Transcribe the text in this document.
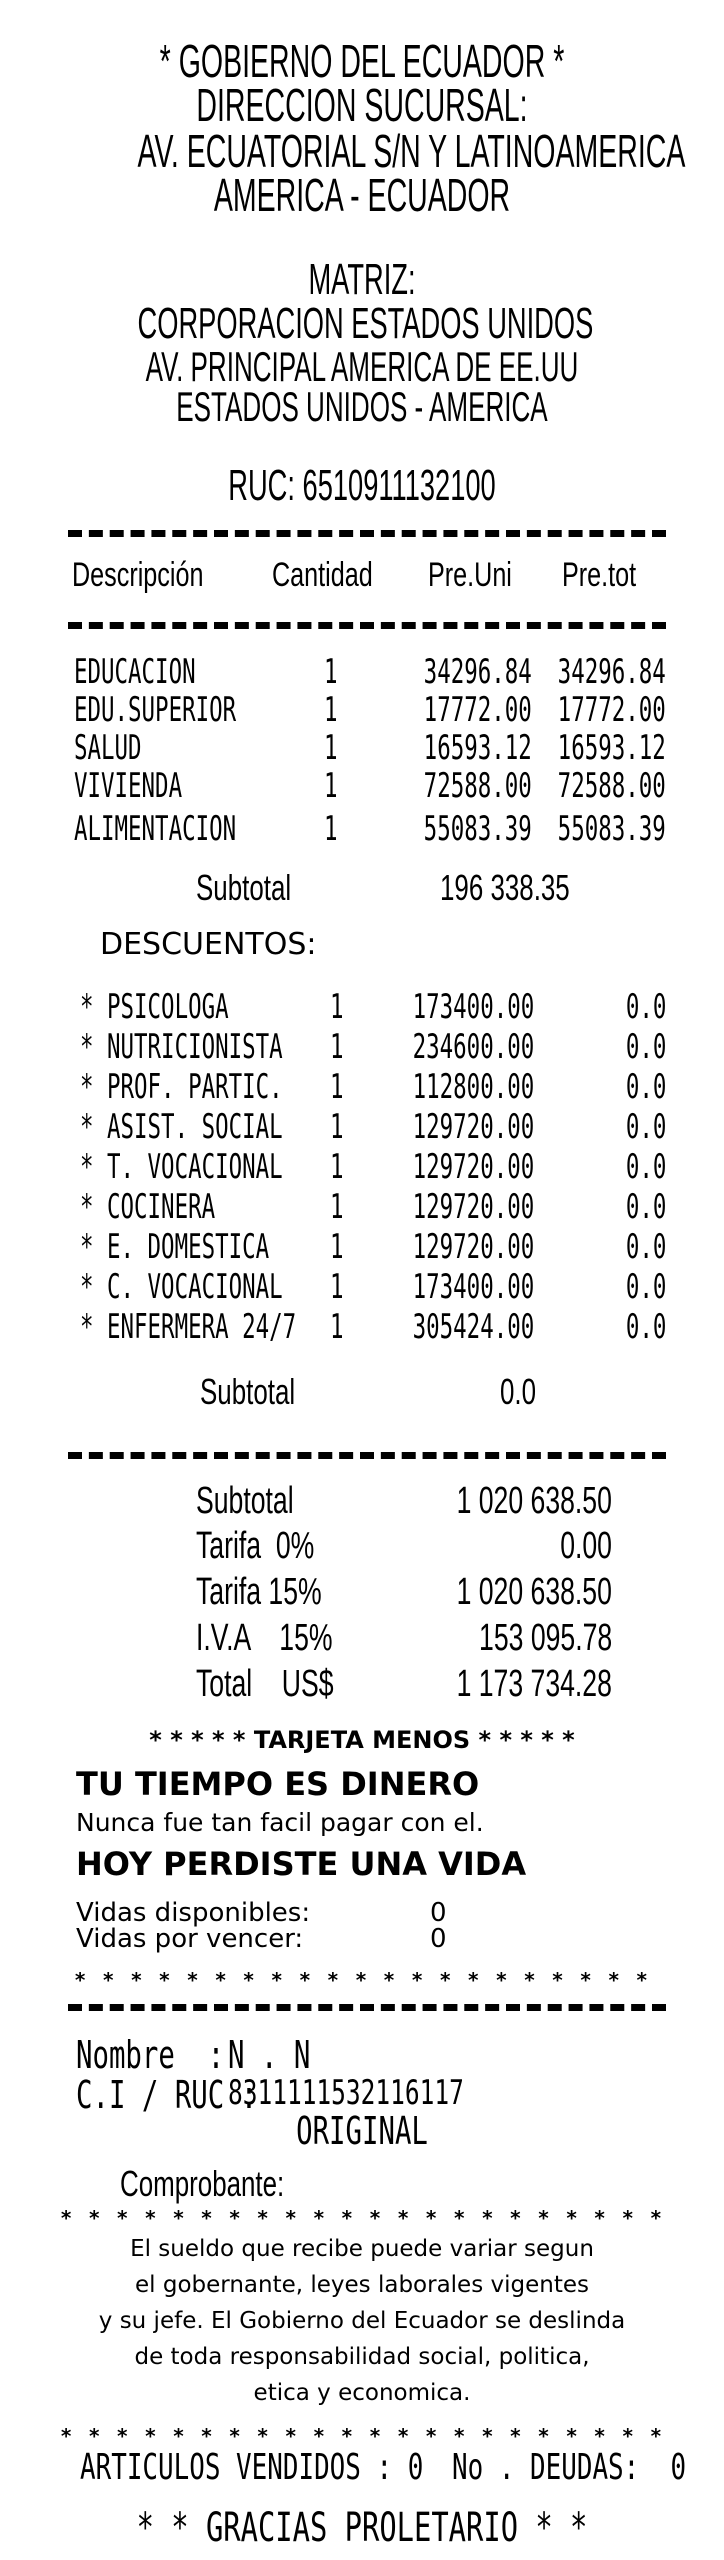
* GOBIERNO DEL ECUADOR *
DIRECCION SUCURSAL:
AV. ECUATORIAL S/N Y LATINOAMERICA
AMERICA - ECUADOR
MATRIZ:
CORPORACION ESTADOS UNIDOS
AV. PRINCIPAL AMERICA DE EE.UU
ESTADOS UNIDOS - AMERICA
RUC: 6510911132100
Descripción Cantidad Pre.Uni Pre.tot
EDUCACION	1	34296.84 34296.84
EDU.SUPERIOR	1	17772.00 17772.00
SALUD	1	16593.12 16593.12
VIVIENDA	1	72588.00 72588.00
ALIMENTACION	1	55083.39 55083.39
Subtotal	196 338.35
DESCUENTOS:
* PSICOLOGA	1 173400.00	0.0
* NUTRICIONISTA 1 234600.00	0.0
* PROF. PARTIC. 1 112800.00	0.0
* ASIST. SOCIAL 1 129720.00	0.0
* T. VOCACIONAL 1 129720.00	0.0
* COCINERA	1 129720.00	0.0
* E. DOMESTICA 1 129720.00	0.0
* C. VOCACIONAL 1 173400.00	0.0
* ENFERMERA 24/7 1 305424.00	0.0
Subtotal	0.0
Subtotal	1 020 638.50
Tarifa  0%	0.00
Tarifa 15%	1 020 638.50
I.V.A    15%	153 095.78
Total    US$	1 173 734.28
* * * * * TARJETA MENOS * * * * *
TU TIEMPO ES DINERO
Nunca fue tan facil pagar con el.
HOY PERDISTE UNA VIDA
Vidas disponibles:	0
Vidas por vencer:	0
* * * * * * * * * * * * * * * * * * * * *
Nombre  : N . N
C.I / RUC :
8311111532116117
ORIGINAL
Comprobante:
* * * * * * * * * * * * * * * * * * * * * *
El sueldo que recibe puede variar segun
el gobernante, leyes laborales vigentes
y su jefe. El Gobierno del Ecuador se deslinda
de toda responsabilidad social, politica,
etica y economica.
* * * * * * * * * * * * * * * * * * * * * *
ARTICULOS VENDIDOS : 0 No . DEUDAS:  0
* * GRACIAS PROLETARIO * *
